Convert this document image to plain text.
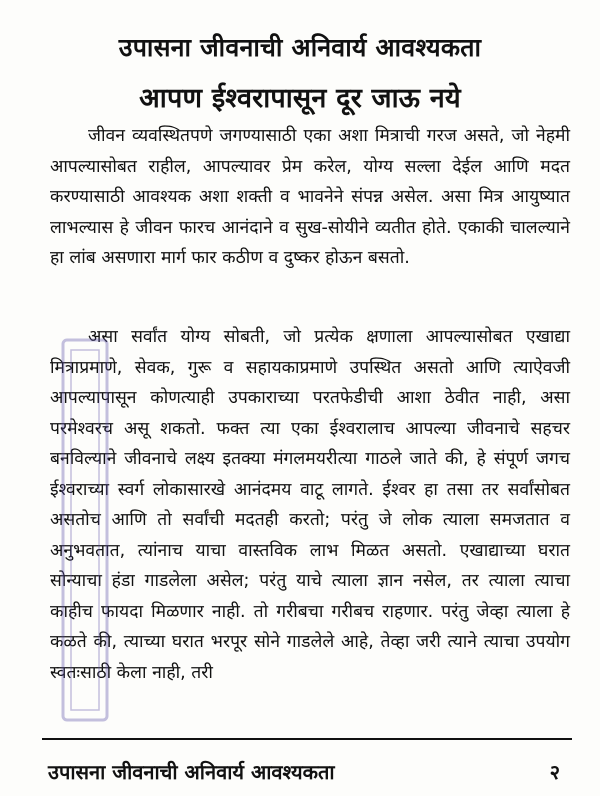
उपासना जीवनाची अनिवार्य आवश्यकता
आपण ईश्वरापासून दूर जाऊ नये
जीवन व्यवस्थितपणे जगण्यासाठी एका अशा मित्राची गरज असते, जो नेहमी आपल्यासोबत राहील, आपल्यावर प्रेम करेल, योग्य सल्ला देईल आणि मदत करण्यासाठी आवश्यक अशा शक्ती व भावनेने संपन्न असेल. असा मित्र आयुष्यात लाभल्यास हे जीवन फारच आनंदाने व सुख-सोयीने व्यतीत होते. एकाकी चालल्याने हा लांब असणारा मार्ग फार कठीण व दुष्कर होऊन बसतो.
असा सर्वांत योग्य सोबती, जो प्रत्येक क्षणाला आपल्यासोबत एखाद्या मित्राप्रमाणे, सेवक, गुरू व सहायकाप्रमाणे उपस्थित असतो आणि त्याऐवजी आपल्यापासून कोणत्याही उपकाराच्या परतफेडीची आशा ठेवीत नाही, असा परमेश्वरच असू शकतो. फक्त त्या एका ईश्वरालाच आपल्या जीवनाचे सहचर बनविल्याने जीवनाचे लक्ष्य इतक्या मंगलमयरीत्या गाठले जाते की, हे संपूर्ण जगच ईश्वराच्या स्वर्ग लोकासारखे आनंदमय वाटू लागते. ईश्वर हा तसा तर सर्वांसोबत असतोच आणि तो सर्वांची मदतही करतो; परंतु जे लोक त्याला समजतात व अनुभवतात, त्यांनाच याचा वास्तविक लाभ मिळत असतो. एखाद्याच्या घरात सोन्याचा हंडा गाडलेला असेल; परंतु याचे त्याला ज्ञान नसेल, तर त्याला त्याचा काहीच फायदा मिळणार नाही. तो गरीबचा गरीबच राहणार. परंतु जेव्हा त्याला हे कळते की, त्याच्या घरात भरपूर सोने गाडलेले आहे, तेव्हा जरी त्याने त्याचा उपयोग स्वतःसाठी केला नाही, तरी
उपासना जीवनाची अनिवार्य आवश्यकता	२
